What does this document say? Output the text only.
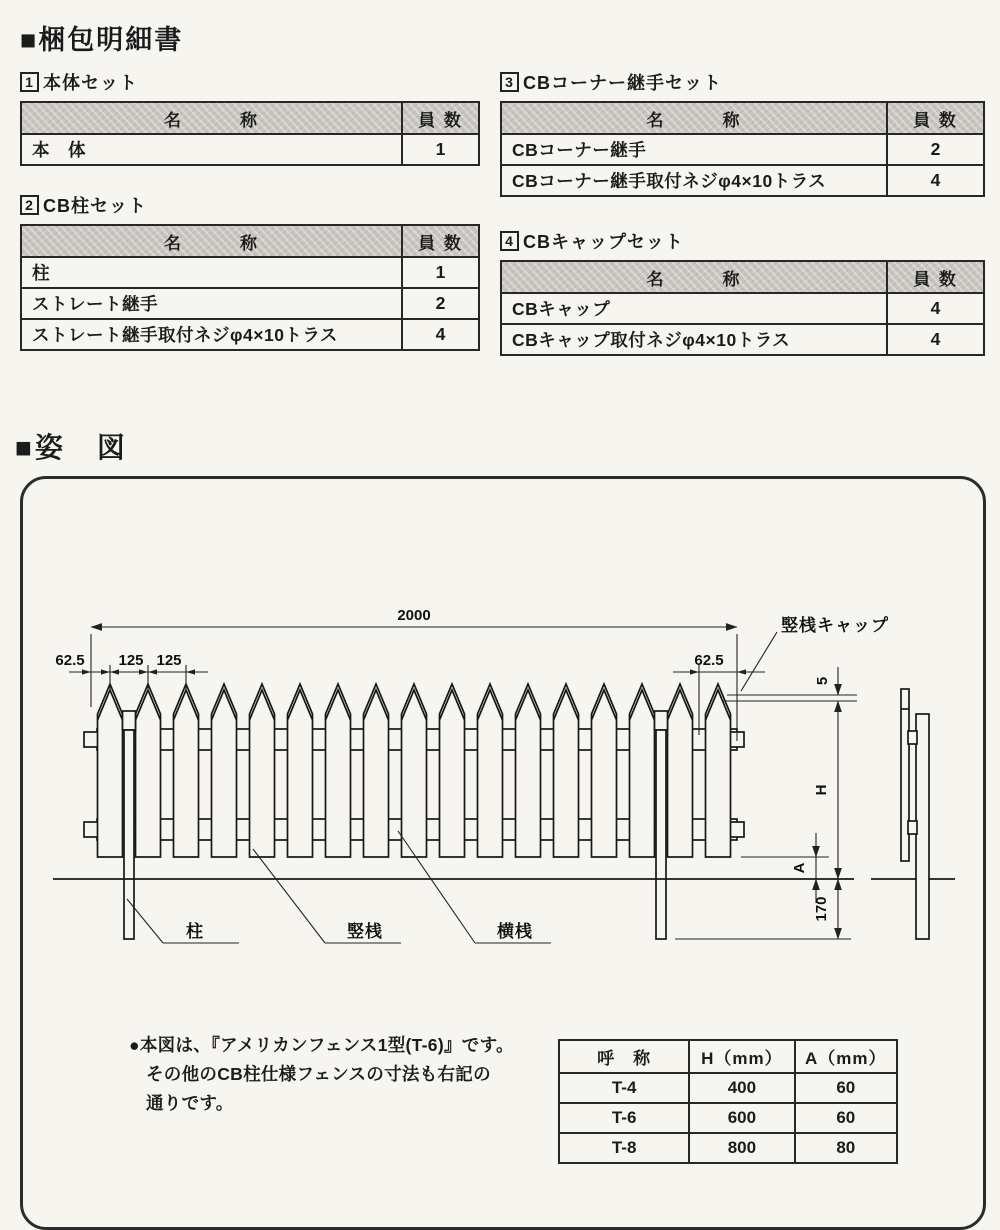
■梱包明細書
1 本体セット
名　　　称	員 数
本　体	1
2 CB柱セット
名　　　称	員 数
柱	1
ストレート継手	2
ストレート継手取付ネジφ4×10トラス	4
3 CBコーナー継手セット
名　　　称	員 数
CBコーナー継手	2
CBコーナー継手取付ネジφ4×10トラス	4
4 CBキャップセット
名　　　称	員 数
CBキャップ	4
CBキャップ取付ネジφ4×10トラス	4
■姿　図
2000
62.5 125 125	62.5
竪桟キャップ
5
H
A
170
柱	竪桟	横桟
●本図は、『アメリカンフェンス1型(T-6)』です。
その他のCB柱仕様フェンスの寸法も右記の
通りです。
呼　称	H（mm）	A（mm）
T-4	400	60
T-6	600	60
T-8	800	80
